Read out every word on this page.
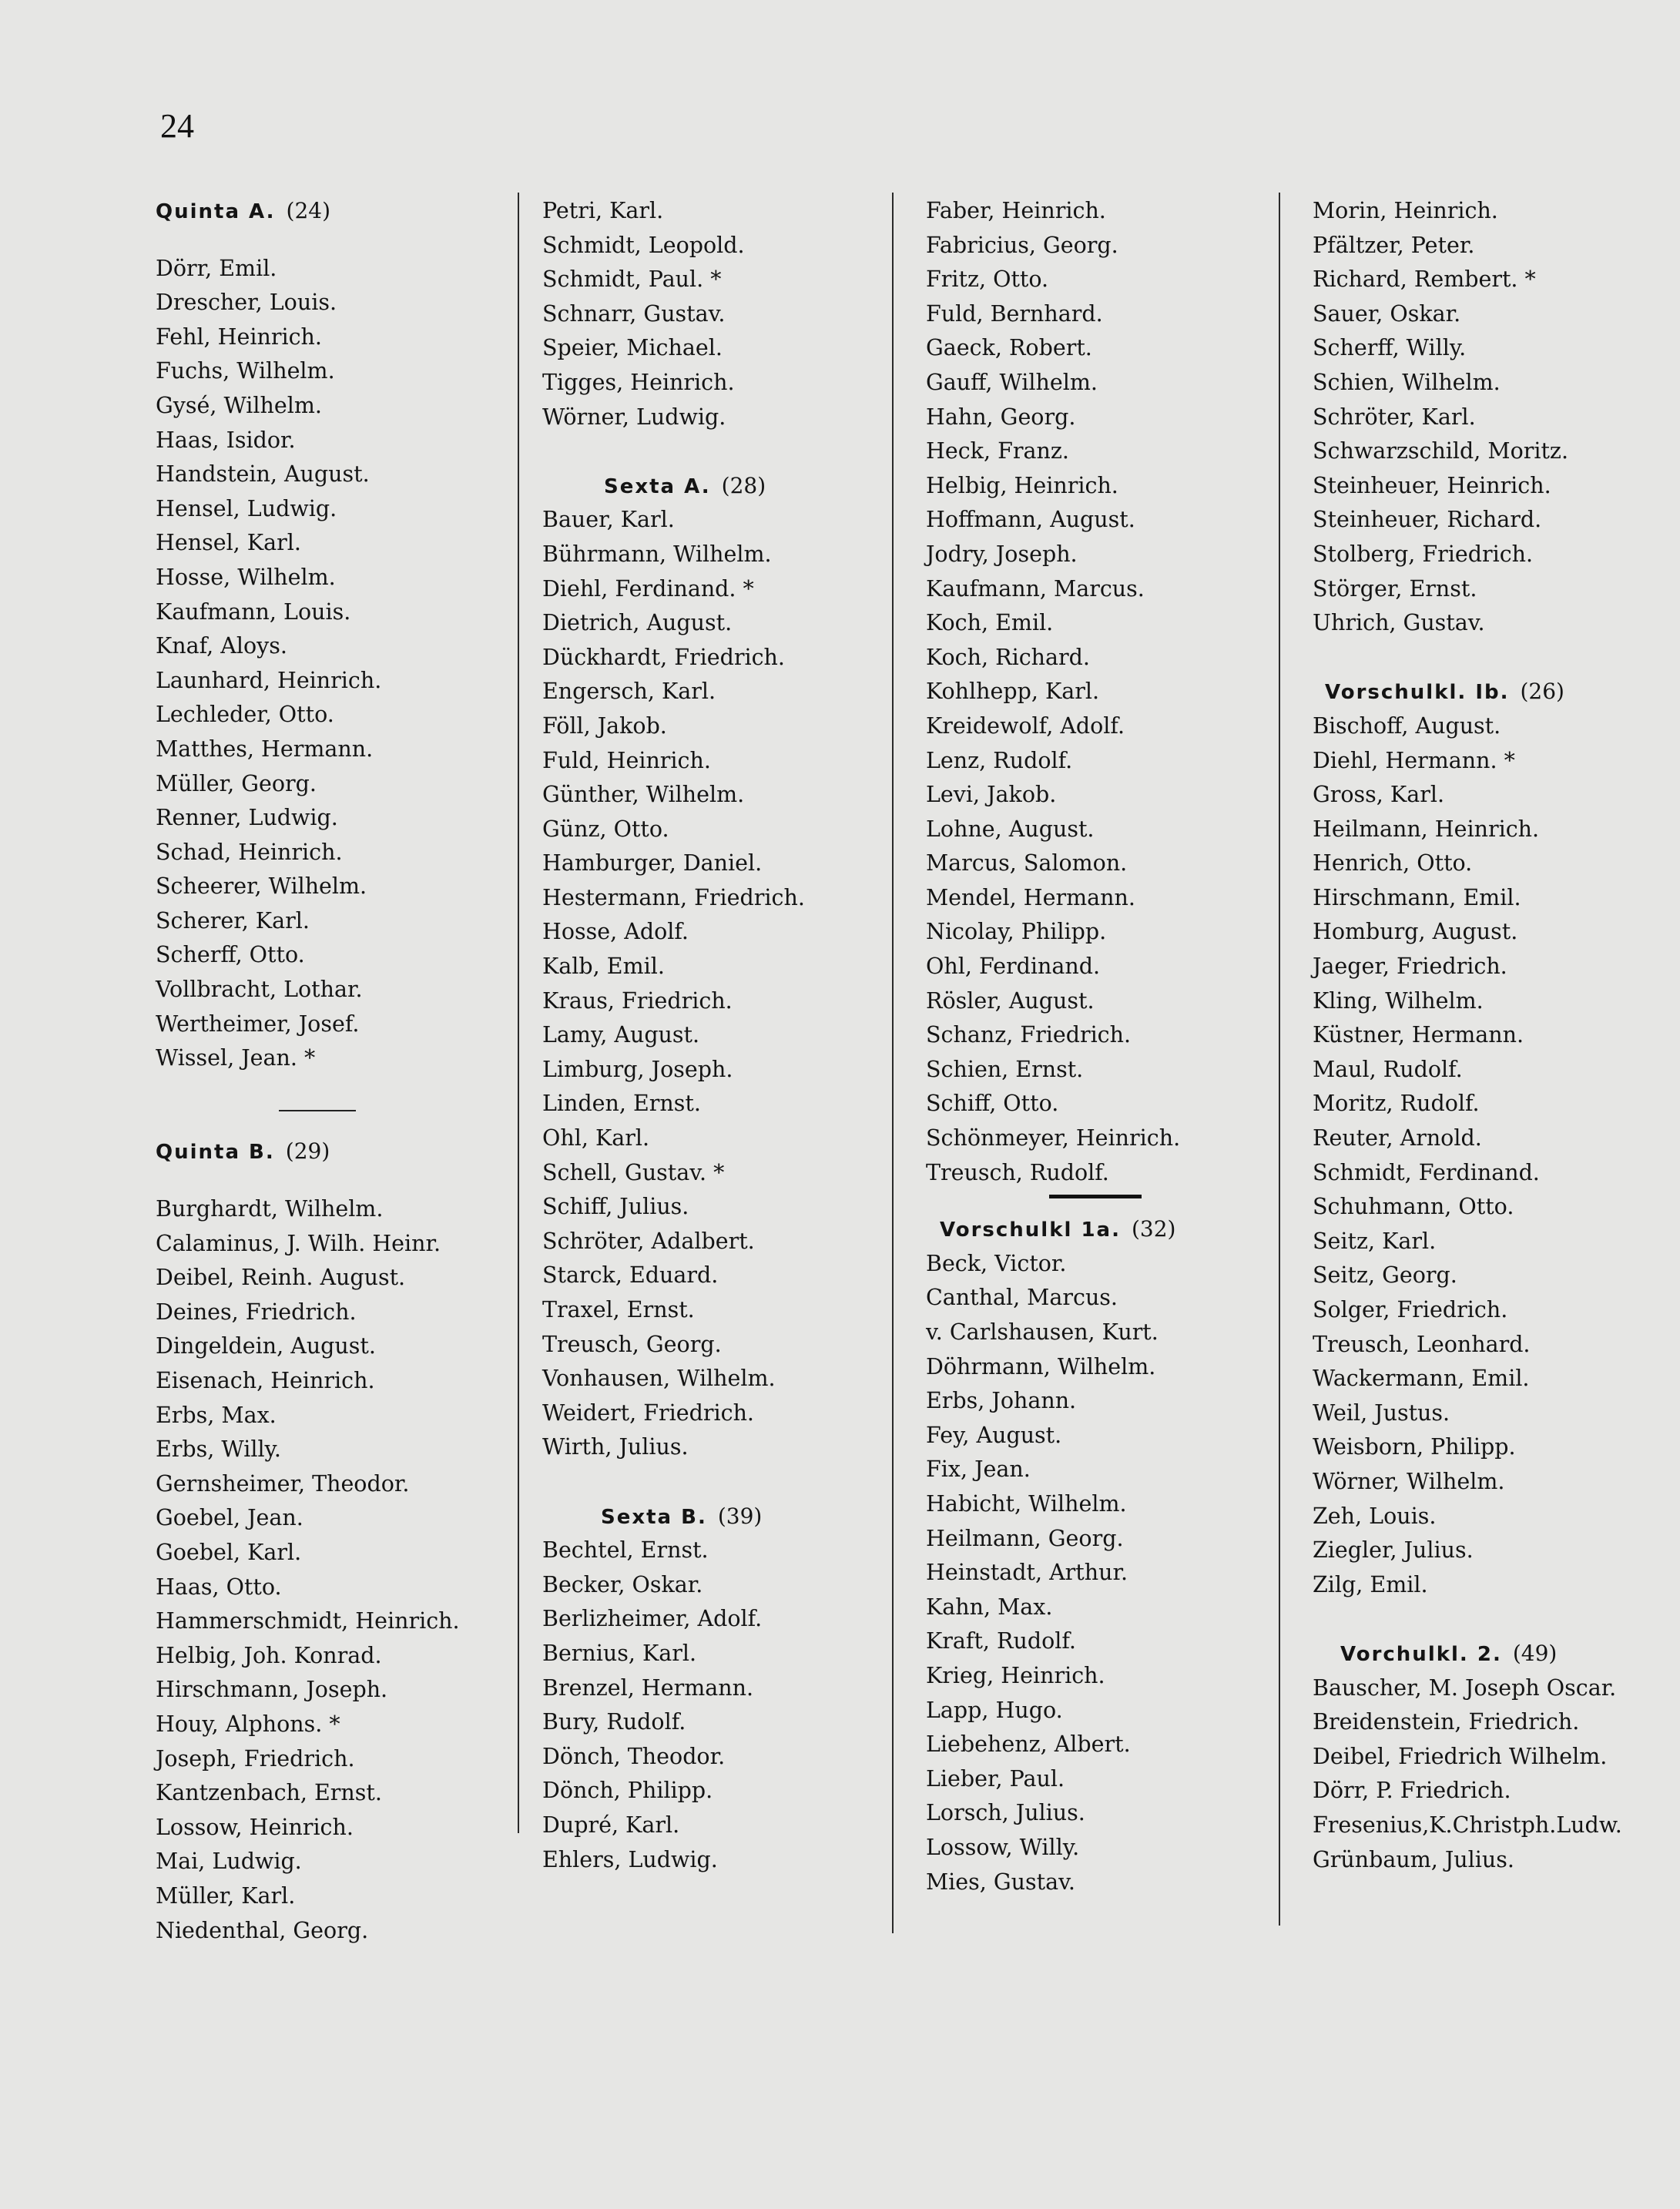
24
Quinta A. (24)
Dörr, Emil.
Drescher, Louis.
Fehl, Heinrich.
Fuchs, Wilhelm.
Gysé, Wilhelm.
Haas, Isidor.
Handstein, August.
Hensel, Ludwig.
Hensel, Karl.
Hosse, Wilhelm.
Kaufmann, Louis.
Knaf, Aloys.
Launhard, Heinrich.
Lechleder, Otto.
Matthes, Hermann.
Müller, Georg.
Renner, Ludwig.
Schad, Heinrich.
Scheerer, Wilhelm.
Scherer, Karl.
Scherff, Otto.
Vollbracht, Lothar.
Wertheimer, Josef.
Wissel, Jean. *
Quinta B. (29)
Burghardt, Wilhelm.
Calaminus, J. Wilh. Heinr.
Deibel, Reinh. August.
Deines, Friedrich.
Dingeldein, August.
Eisenach, Heinrich.
Erbs, Max.
Erbs, Willy.
Gernsheimer, Theodor.
Goebel, Jean.
Goebel, Karl.
Haas, Otto.
Hammerschmidt, Heinrich.
Helbig, Joh. Konrad.
Hirschmann, Joseph.
Houy, Alphons. *
Joseph, Friedrich.
Kantzenbach, Ernst.
Lossow, Heinrich.
Mai, Ludwig.
Müller, Karl.
Niedenthal, Georg.
Petri, Karl.
Schmidt, Leopold.
Schmidt, Paul. *
Schnarr, Gustav.
Speier, Michael.
Tigges, Heinrich.
Wörner, Ludwig.
Sexta A. (28)
Bauer, Karl.
Bührmann, Wilhelm.
Diehl, Ferdinand. *
Dietrich, August.
Dückhardt, Friedrich.
Engersch, Karl.
Föll, Jakob.
Fuld, Heinrich.
Günther, Wilhelm.
Günz, Otto.
Hamburger, Daniel.
Hestermann, Friedrich.
Hosse, Adolf.
Kalb, Emil.
Kraus, Friedrich.
Lamy, August.
Limburg, Joseph.
Linden, Ernst.
Ohl, Karl.
Schell, Gustav. *
Schiff, Julius.
Schröter, Adalbert.
Starck, Eduard.
Traxel, Ernst.
Treusch, Georg.
Vonhausen, Wilhelm.
Weidert, Friedrich.
Wirth, Julius.
Sexta B. (39)
Bechtel, Ernst.
Becker, Oskar.
Berlizheimer, Adolf.
Bernius, Karl.
Brenzel, Hermann.
Bury, Rudolf.
Dönch, Theodor.
Dönch, Philipp.
Dupré, Karl.
Ehlers, Ludwig.
Faber, Heinrich.
Fabricius, Georg.
Fritz, Otto.
Fuld, Bernhard.
Gaeck, Robert.
Gauff, Wilhelm.
Hahn, Georg.
Heck, Franz.
Helbig, Heinrich.
Hoffmann, August.
Jodry, Joseph.
Kaufmann, Marcus.
Koch, Emil.
Koch, Richard.
Kohlhepp, Karl.
Kreidewolf, Adolf.
Lenz, Rudolf.
Levi, Jakob.
Lohne, August.
Marcus, Salomon.
Mendel, Hermann.
Nicolay, Philipp.
Ohl, Ferdinand.
Rösler, August.
Schanz, Friedrich.
Schien, Ernst.
Schiff, Otto.
Schönmeyer, Heinrich.
Treusch, Rudolf.
Vorschulkl 1a. (32)
Beck, Victor.
Canthal, Marcus.
v. Carlshausen, Kurt.
Döhrmann, Wilhelm.
Erbs, Johann.
Fey, August.
Fix, Jean.
Habicht, Wilhelm.
Heilmann, Georg.
Heinstadt, Arthur.
Kahn, Max.
Kraft, Rudolf.
Krieg, Heinrich.
Lapp, Hugo.
Liebehenz, Albert.
Lieber, Paul.
Lorsch, Julius.
Lossow, Willy.
Mies, Gustav.
Morin, Heinrich.
Pfältzer, Peter.
Richard, Rembert. *
Sauer, Oskar.
Scherff, Willy.
Schien, Wilhelm.
Schröter, Karl.
Schwarzschild, Moritz.
Steinheuer, Heinrich.
Steinheuer, Richard.
Stolberg, Friedrich.
Störger, Ernst.
Uhrich, Gustav.
Vorschulkl. Ib. (26)
Bischoff, August.
Diehl, Hermann. *
Gross, Karl.
Heilmann, Heinrich.
Henrich, Otto.
Hirschmann, Emil.
Homburg, August.
Jaeger, Friedrich.
Kling, Wilhelm.
Küstner, Hermann.
Maul, Rudolf.
Moritz, Rudolf.
Reuter, Arnold.
Schmidt, Ferdinand.
Schuhmann, Otto.
Seitz, Karl.
Seitz, Georg.
Solger, Friedrich.
Treusch, Leonhard.
Wackermann, Emil.
Weil, Justus.
Weisborn, Philipp.
Wörner, Wilhelm.
Zeh, Louis.
Ziegler, Julius.
Zilg, Emil.
Vorchulkl. 2. (49)
Bauscher, M. Joseph Oscar.
Breidenstein, Friedrich.
Deibel, Friedrich Wilhelm.
Dörr, P. Friedrich.
Fresenius,K.Christph.Ludw.
Grünbaum, Julius.
